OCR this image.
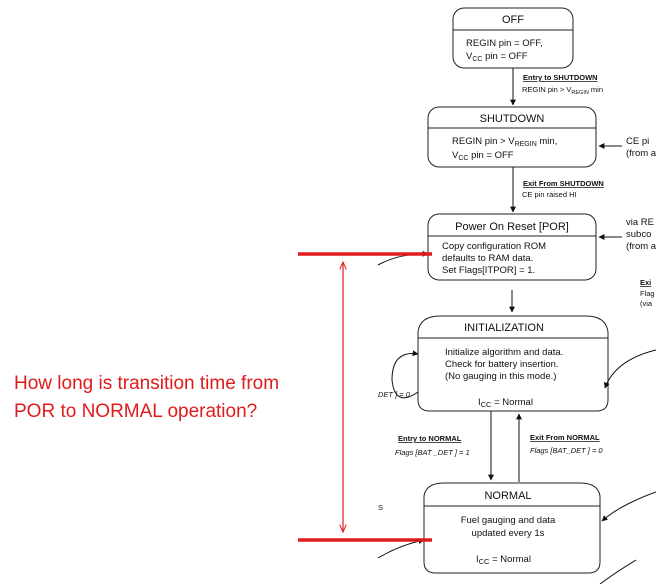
OFF
REGIN pin = OFF,
$V_{CC}$ pin = OFF
Entry to SHUTDOWN
REGIN pin > $V_{REGIN}$ min
SHUTDOWN
REGIN pin > $V_{REGIN}$ min,
$V_{CC}$ pin = OFF
CE pi
(from a
Exit From SHUTDOWN
CE pin raised HI
Power On Reset [POR]
Copy configuration ROM
defaults to RAM data.
Set Flags[ITPOR] = 1.
via RE
subco
(from a
Exi
Flag
(via
INITIALIZATION
Initialize algorithm and data.
Check for battery insertion.
(No gauging in this mode.)
$I_{CC}$ = Normal
DET ] = 0
Entry to NORMAL
Flags [BAT _DET ] = 1
Exit From NORMAL
Flags [BAT_DET ] = 0
NORMAL
Fuel gauging and data
updated every 1s
$I_{CC}$ = Normal
S
How long is transition time from
POR to NORMAL operation?
